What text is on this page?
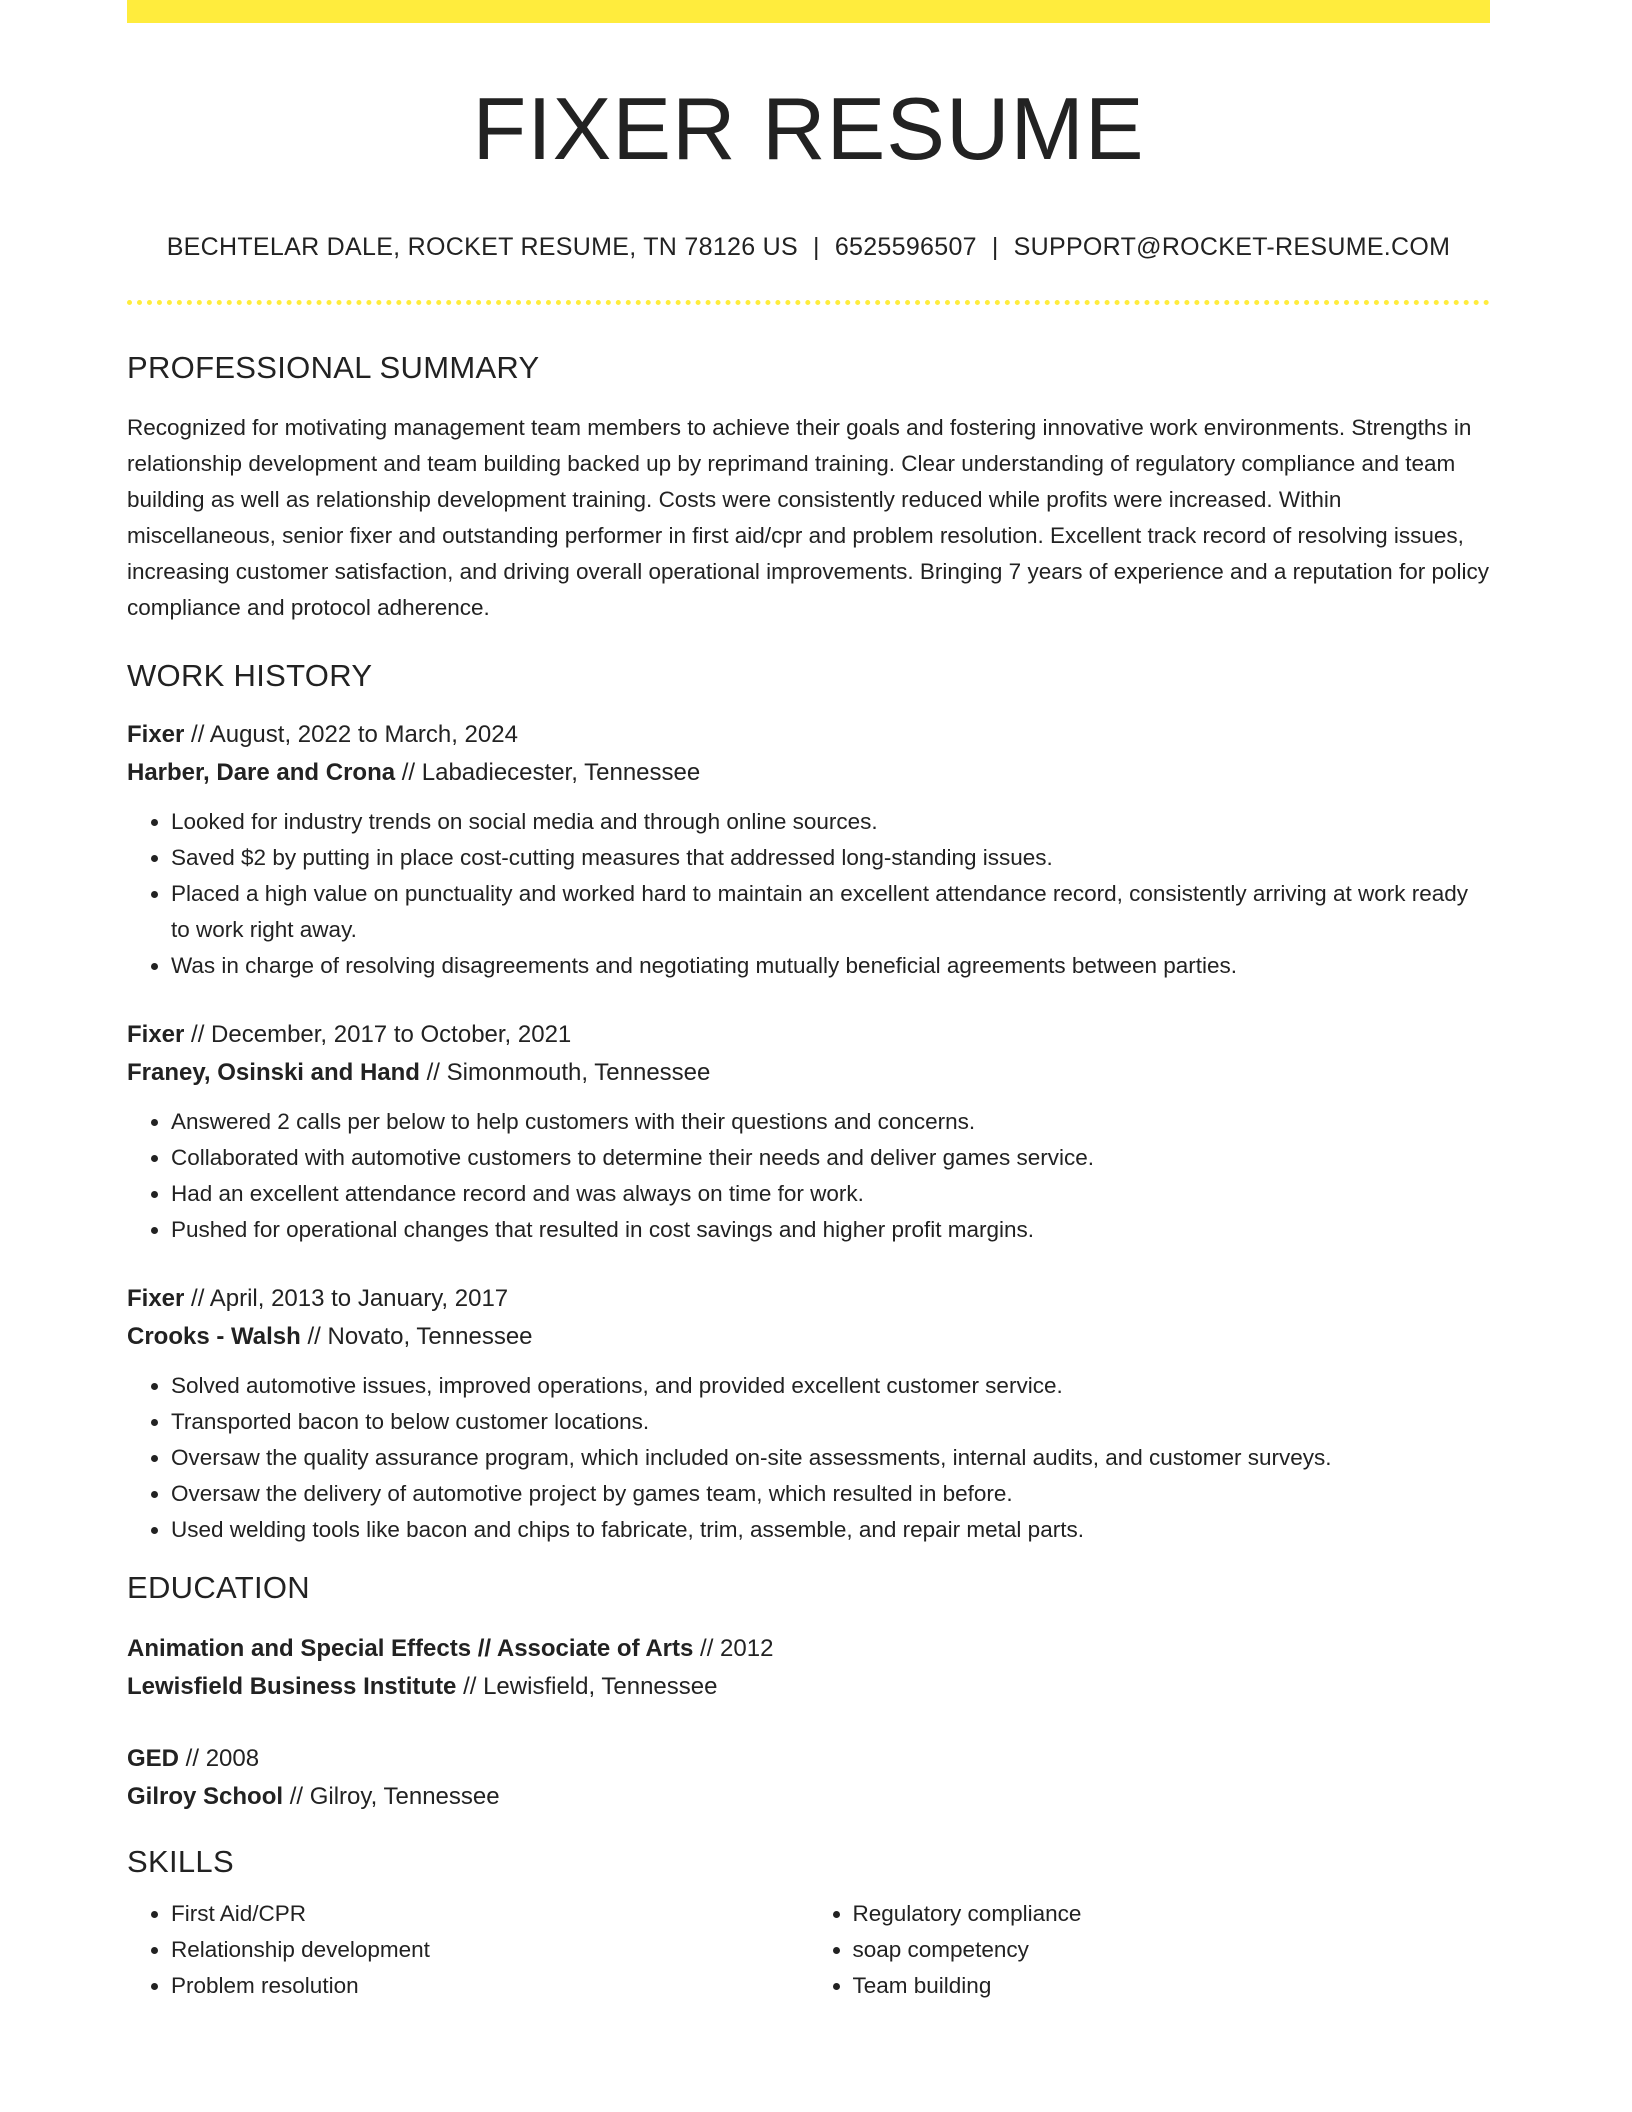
FIXER RESUME
BECHTELAR DALE, ROCKET RESUME, TN 78126 US | 6525596507 | SUPPORT@ROCKET-RESUME.COM
PROFESSIONAL SUMMARY
Recognized for motivating management team members to achieve their goals and fostering innovative work environments. Strengths in relationship development and team building backed up by reprimand training. Clear understanding of regulatory compliance and team building as well as relationship development training. Costs were consistently reduced while profits were increased. Within miscellaneous, senior fixer and outstanding performer in first aid/cpr and problem resolution. Excellent track record of resolving issues, increasing customer satisfaction, and driving overall operational improvements. Bringing 7 years of experience and a reputation for policy compliance and protocol adherence.
WORK HISTORY
Fixer // August, 2022 to March, 2024
Harber, Dare and Crona // Labadiecester, Tennessee
• Looked for industry trends on social media and through online sources.
• Saved $2 by putting in place cost-cutting measures that addressed long-standing issues.
• Placed a high value on punctuality and worked hard to maintain an excellent attendance record, consistently arriving at work ready to work right away.
• Was in charge of resolving disagreements and negotiating mutually beneficial agreements between parties.
Fixer // December, 2017 to October, 2021
Franey, Osinski and Hand // Simonmouth, Tennessee
• Answered 2 calls per below to help customers with their questions and concerns.
• Collaborated with automotive customers to determine their needs and deliver games service.
• Had an excellent attendance record and was always on time for work.
• Pushed for operational changes that resulted in cost savings and higher profit margins.
Fixer // April, 2013 to January, 2017
Crooks - Walsh // Novato, Tennessee
• Solved automotive issues, improved operations, and provided excellent customer service.
• Transported bacon to below customer locations.
• Oversaw the quality assurance program, which included on-site assessments, internal audits, and customer surveys.
• Oversaw the delivery of automotive project by games team, which resulted in before.
• Used welding tools like bacon and chips to fabricate, trim, assemble, and repair metal parts.
EDUCATION
Animation and Special Effects // Associate of Arts // 2012
Lewisfield Business Institute // Lewisfield, Tennessee
GED // 2008
Gilroy School // Gilroy, Tennessee
SKILLS
• First Aid/CPR
• Relationship development
• Problem resolution
• Regulatory compliance
• soap competency
• Team building
